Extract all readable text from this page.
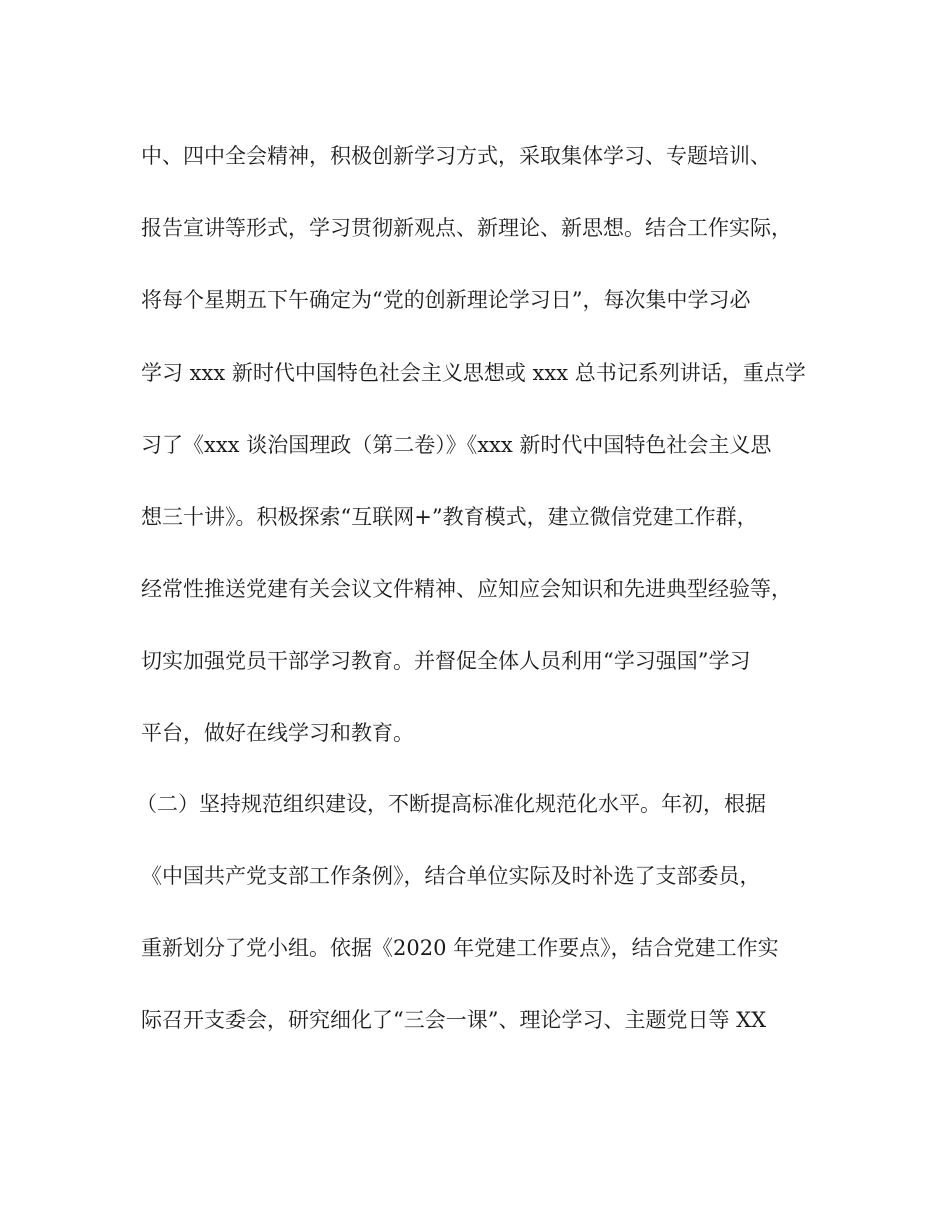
中、四中全会精神，积极创新学习方式，采取集体学习、专题培训、

报告宣讲等形式，学习贯彻新观点、新理论、新思想。结合工作实际，

将每个星期五下午确定为“党的创新理论学习日”，每次集中学习必

学习 xxx 新时代中国特色社会主义思想或 xxx 总书记系列讲话，重点学

习了《xxx 谈治国理政（第二卷）》《xxx 新时代中国特色社会主义思

想三十讲》。积极探索“互联网+”教育模式，建立微信党建工作群，

经常性推送党建有关会议文件精神、应知应会知识和先进典型经验等，

切实加强党员干部学习教育。并督促全体人员利用“学习强国”学习

平台，做好在线学习和教育。

（二）坚持规范组织建设，不断提高标准化规范化水平。年初，根据

《中国共产党支部工作条例》，结合单位实际及时补选了支部委员，

重新划分了党小组。依据《2020 年党建工作要点》，结合党建工作实

际召开支委会，研究细化了“三会一课”、理论学习、主题党日等 XX
